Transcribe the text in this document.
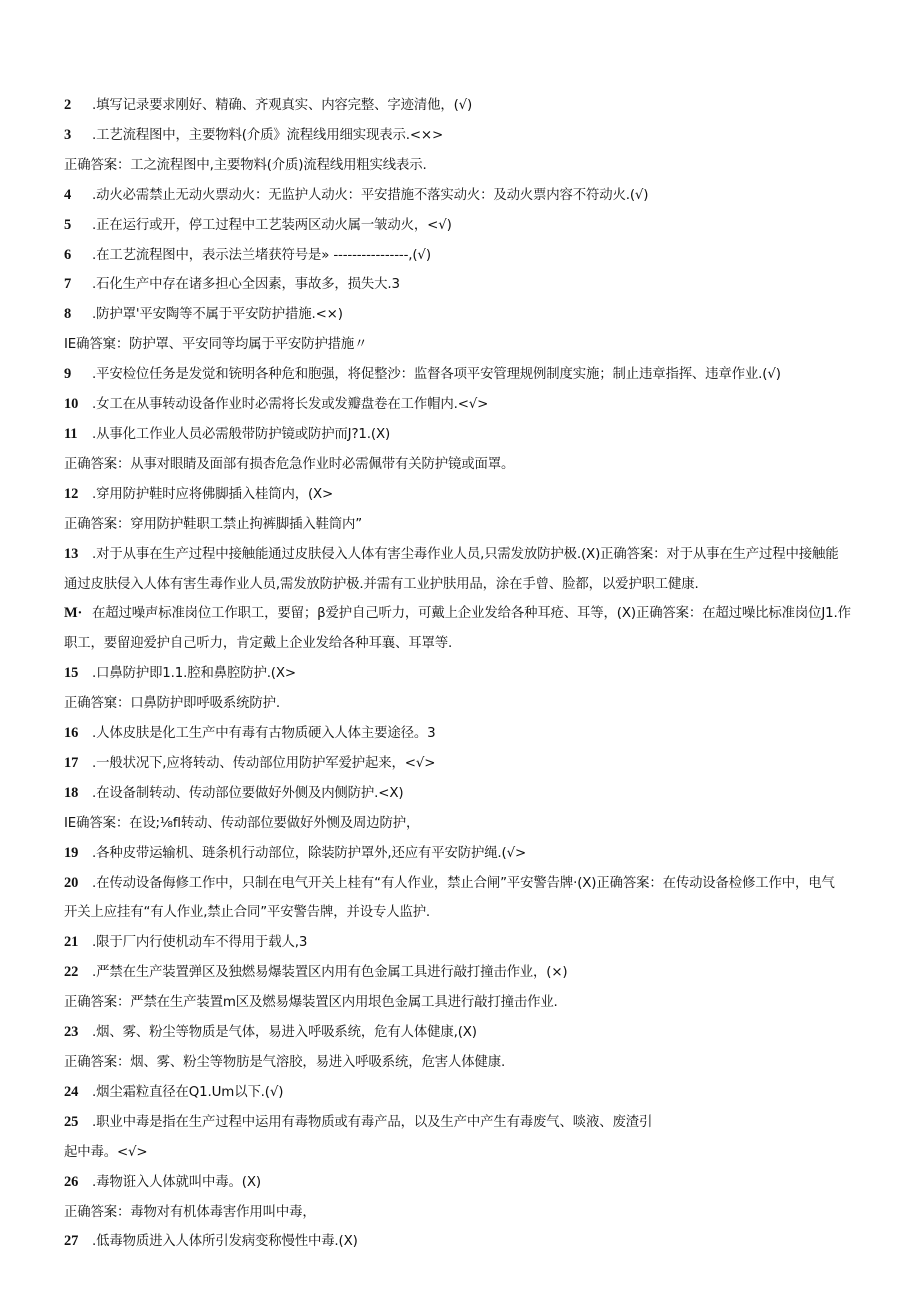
2 .填写记录要求刚好、精确、齐观真实、内容完整、字迹清他，(√)
3 .工艺流程图中，主要物料(介质》流程线用细实现表示.<×>
正确答案：工之流程图中,主要物料(介质)流程线用粗实线表示.
4 .动火必需禁止无动火票动火：无监护人动火：平安措施不落实动火：及动火票内容不符动火.(√)
5 .正在运行或开，停工过程中工艺装两区动火属一皱动火，<√)
6 .在工艺流程图中，表示法兰堵获符号是» ----------------,(√)
7 .石化生产中存在诸多担心全因素，事故多，损失大.3
8 .防护罩'平安陶等不属于平安防护措施.<×)
IE确答窠：防护罩、平安同等均属于平安防护措施〃
9 .平安检位任务是发觉和铳明各种危和胞强，将促整沙：监督各项平安管理规例制度实施；制止违章指挥、违章作业.(√)
10 .女工在从事转动设备作业时必需将长发或发瓣盘卷在工作帽内.<√>
11 .从事化工作业人员必需般带防护镜或防护而J?1.(X)
正确答案：从事对眼睛及面部有损杏危急作业时必需佩带有关防护镜或面罩。
12 .穿用防护鞋时应将佛脚插入桂筒内，(X>
正确答案：穿用防护鞋职工禁止拘裤脚插入鞋筒内”
13 .对于从事在生产过程中接触能通过皮肤侵入人体有害尘毒作业人员,只需发放防护极.(X)正确答案：对于从事在生产过程中接触能
通过皮肤侵入人体有害生毒作业人员,需发放防护极.并需有工业护肤用品，涂在手曾、脸都，以爱护职工健康.
M· 在超过噪声标准岗位工作职工，要留；β爱护自己听力，可戴上企业发给各种耳疮、耳等，(X)正确答案：在超过噪比标准岗位J1.作
职工，要留迎爱护自己听力，肯定戴上企业发给各种耳襄、耳罩等.
15 .口鼻防护即1.1.腔和鼻腔防护.(X>
正确答窠：口鼻防护即呼吸系统防护.
16 .人体皮肤是化工生产中有毒有古物质硬入人体主要途径。3
17 .一般状况下,应将转动、传动部位用防护军爱护起来，<√>
18 .在设备制转动、传动部位要做好外侧及内侧防护.<X)
IE确答案：在设;⅛fl转动、传动部位要做好外恻及周边防护，
19 .各种皮带运输机、琏条机行动部位，除装防护罩外,还应有平安防护绳.(√>
20 .在传动设备侮修工作中，只制在电气开关上桂有“有人作业，禁止合闸”平安警告牌·(X)正确答案：在传动设备检修工作中，电气
开关上应挂有“有人作业,禁止合同”平安警告牌，并设专人监护.
21 .限于厂内行使机动车不得用于载人,3
22 .严禁在生产装置弹区及独燃易爆装置区内用有色金属工具进行敲打撞击作业，(×)
正确答案：严禁在生产装置m区及燃易爆装置区内用垠色金属工具进行敲打撞击作业.
23 .烟、雾、粉尘等物质是气体，易进入呼吸系统，危有人体健康,(X)
正确答案：烟、雾、粉尘等物肪是气溶胶，易进入呼吸系统，危害人体健康.
24 .烟尘霜粒直径在Q1.Um以下.(√)
25 .职业中毒是指在生产过程中运用有毒物质或有毒产品，以及生产中产生有毒废气、啖液、废渣引
起中毒。<√>
26 .毒物诳入人体就叫中毒。(X)
正确答案：毒物对有机体毒害作用叫中毒，
27 .低毒物质进入人体所引发病变称慢性中毒.(X)
